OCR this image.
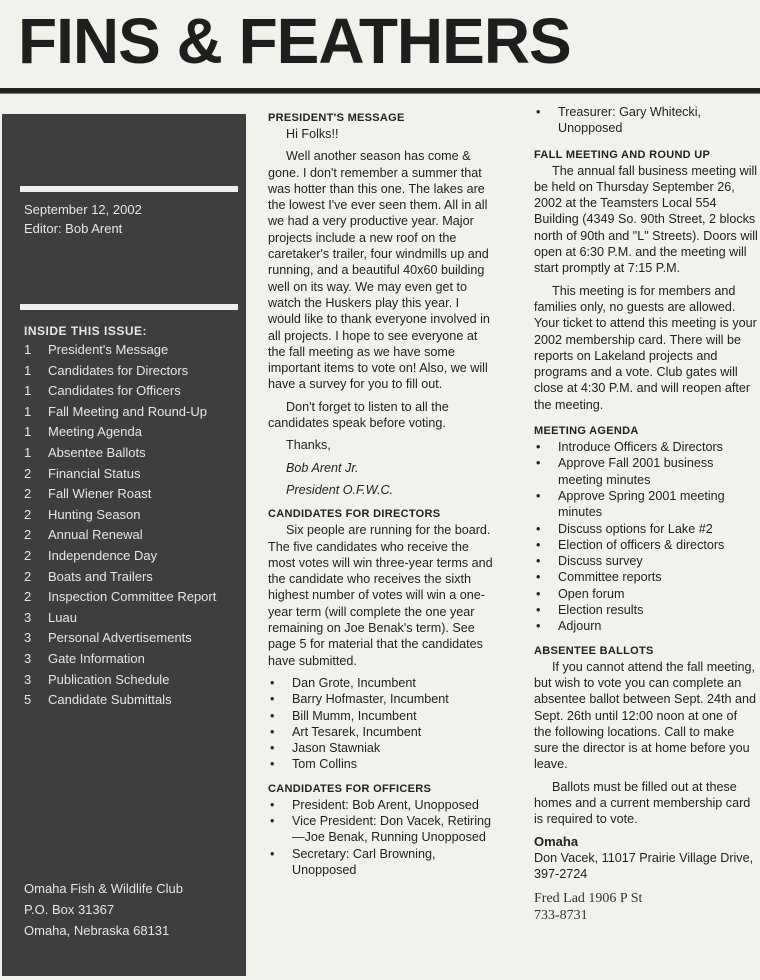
FINS & FEATHERS
September 12, 2002
Editor: Bob Arent
INSIDE THIS ISSUE:
1	President's Message
1	Candidates for Directors
1	Candidates for Officers
1	Fall Meeting and Round-Up
1	Meeting Agenda
1	Absentee Ballots
2	Financial Status
2	Fall Wiener Roast
2	Hunting Season
2	Annual Renewal
2	Independence Day
2	Boats and Trailers
2	Inspection Committee Report
3	Luau
3	Personal Advertisements
3	Gate Information
3	Publication Schedule
5	Candidate Submittals
Omaha Fish & Wildlife Club
P.O. Box 31367
Omaha, Nebraska 68131
PRESIDENT'S MESSAGE

Hi Folks!!

Well another season has come & gone. I don't remember a summer that was hotter than this one. The lakes are the lowest I've ever seen them. All in all we had a very productive year. Major projects include a new roof on the caretaker's trailer, four windmills up and running, and a beautiful 40x60 building well on its way. We may even get to watch the Huskers play this year. I would like to thank everyone involved in all projects. I hope to see everyone at the fall meeting as we have some important items to vote on! Also, we will have a survey for you to fill out.

Don't forget to listen to all the candidates speak before voting.

Thanks,

Bob Arent Jr.

President O.F.W.C.

CANDIDATES FOR DIRECTORS

Six people are running for the board. The five candidates who receive the most votes will win three-year terms and the candidate who receives the sixth highest number of votes will win a one-year term (will complete the one year remaining on Joe Benak's term). See page 5 for material that the candidates have submitted.

• Dan Grote, Incumbent
• Barry Hofmaster, Incumbent
• Bill Mumm, Incumbent
• Art Tesarek, Incumbent
• Jason Stawniak
• Tom Collins
CANDIDATES FOR OFFICERS
• President: Bob Arent, Unopposed
• Vice President: Don Vacek, Retiring—Joe Benak, Running Unopposed
• Secretary: Carl Browning, Unopposed
• Treasurer: Gary Whitecki, Unopposed
FALL MEETING AND ROUND UP

The annual fall business meeting will be held on Thursday September 26, 2002 at the Teamsters Local 554 Building (4349 So. 90th Street, 2 blocks north of 90th and "L" Streets). Doors will open at 6:30 P.M. and the meeting will start promptly at 7:15 P.M.

This meeting is for members and families only, no guests are allowed. Your ticket to attend this meeting is your 2002 membership card. There will be reports on Lakeland projects and programs and a vote. Club gates will close at 4:30 P.M. and will reopen after the meeting.

MEETING AGENDA
• Introduce Officers & Directors
• Approve Fall 2001 business meeting minutes
• Approve Spring 2001 meeting minutes
• Discuss options for Lake #2
• Election of officers & directors
• Discuss survey
• Committee reports
• Open forum
• Election results
• Adjourn
ABSENTEE BALLOTS

If you cannot attend the fall meeting, but wish to vote you can complete an absentee ballot between Sept. 24th and Sept. 26th until 12:00 noon at one of the following locations. Call to make sure the director is at home before you leave.

Ballots must be filled out at these homes and a current membership card is required to vote.

Omaha

Don Vacek, 11017 Prairie Village Drive, 397-2724

Fred Lad 1906 P St

733-8731
